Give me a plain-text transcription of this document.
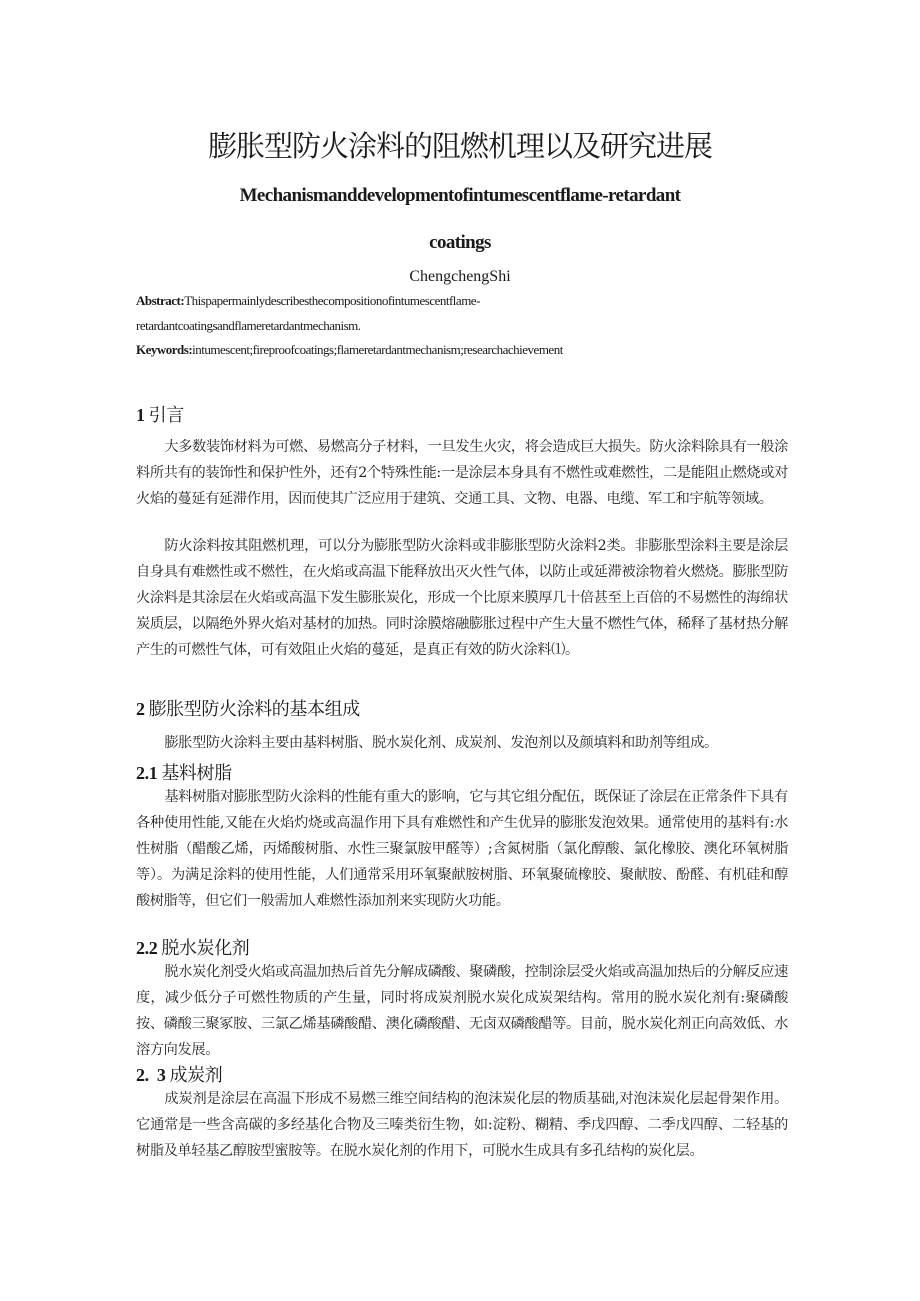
膨胀型防火涂料的阻燃机理以及研究进展
Mechanismanddevelopmentofintumescentflame-retardant
coatings
ChengchengShi
Abstract:Thispapermainlydescribesthecompositionofintumescentflame-
retardantcoatingsandflameretardantmechanism.
Keywords:intumescent;fireproofcoatings;flameretardantmechanism;researchachievement
1 引言

大多数装饰材料为可燃、易燃高分子材料，一旦发生火灾，将会造成巨大损失。防火涂料除具有一般涂料所共有的装饰性和保护性外，还有2个特殊性能:一是涂层本身具有不燃性或难燃性，二是能阻止燃烧或对火焰的蔓延有延滞作用，因而使其广泛应用于建筑、交通工具、文物、电器、电缆、军工和宇航等领域。

防火涂料按其阻燃机理，可以分为膨胀型防火涂料或非膨胀型防火涂料2类。非膨胀型涂料主要是涂层自身具有难燃性或不燃性，在火焰或高温下能释放出灭火性气体，以防止或延滞被涂物着火燃烧。膨胀型防火涂料是其涂层在火焰或高温下发生膨胀炭化，形成一个比原来膜厚几十倍甚至上百倍的不易燃性的海绵状炭质层，以隔绝外界火焰对基材的加热。同时涂膜熔融膨胀过程中产生大量不燃性气体，稀释了基材热分解产生的可燃性气体，可有效阻止火焰的蔓延，是真正有效的防火涂料⑴。

2 膨胀型防火涂料的基本组成

膨胀型防火涂料主要由基料树脂、脱水炭化剂、成炭剂、发泡剂以及颜填料和助剂等组成。

2.1 基料树脂

基料树脂对膨胀型防火涂料的性能有重大的影响，它与其它组分配伍，既保证了涂层在正常条件下具有各种使用性能,又能在火焰灼烧或高温作用下具有难燃性和产生优异的膨胀发泡效果。通常使用的基料有:水性树脂（醋酸乙烯，丙烯酸树脂、水性三聚氯胺甲醛等）;含氮树脂（氯化醇酸、氯化橡胶、澳化环氧树脂等）。为满足涂料的使用性能，人们通常采用环氧聚献胺树脂、环氧聚硫橡胶、聚献胺、酚醛、有机硅和醇酸树脂等，但它们一般需加人难燃性添加剂来实现防火功能。

2.2 脱水炭化剂

脱水炭化剂受火焰或高温加热后首先分解成磷酸、聚磷酸，控制涂层受火焰或高温加热后的分解反应速度，减少低分子可燃性物质的产生量，同时将成炭剂脱水炭化成炭架结构。常用的脱水炭化剂有:聚磷酸按、磷酸三聚冢胺、三氯乙烯基磷酸醋、澳化磷酸醋、无卤双磷酸醋等。目前，脱水炭化剂正向高效低、水溶方向发展。

2.  3 成炭剂

成炭剂是涂层在高温下形成不易燃三维空间结构的泡沫炭化层的物质基础,对泡沫炭化层起骨架作用。它通常是一些含高碳的多经基化合物及三嗪类衍生物，如:淀粉、糊精、季戊四醇、二季戊四醇、二轻基的树脂及单轻基乙醇胺型蜜胺等。在脱水炭化剂的作用下，可脱水生成具有多孔结构的炭化层。
